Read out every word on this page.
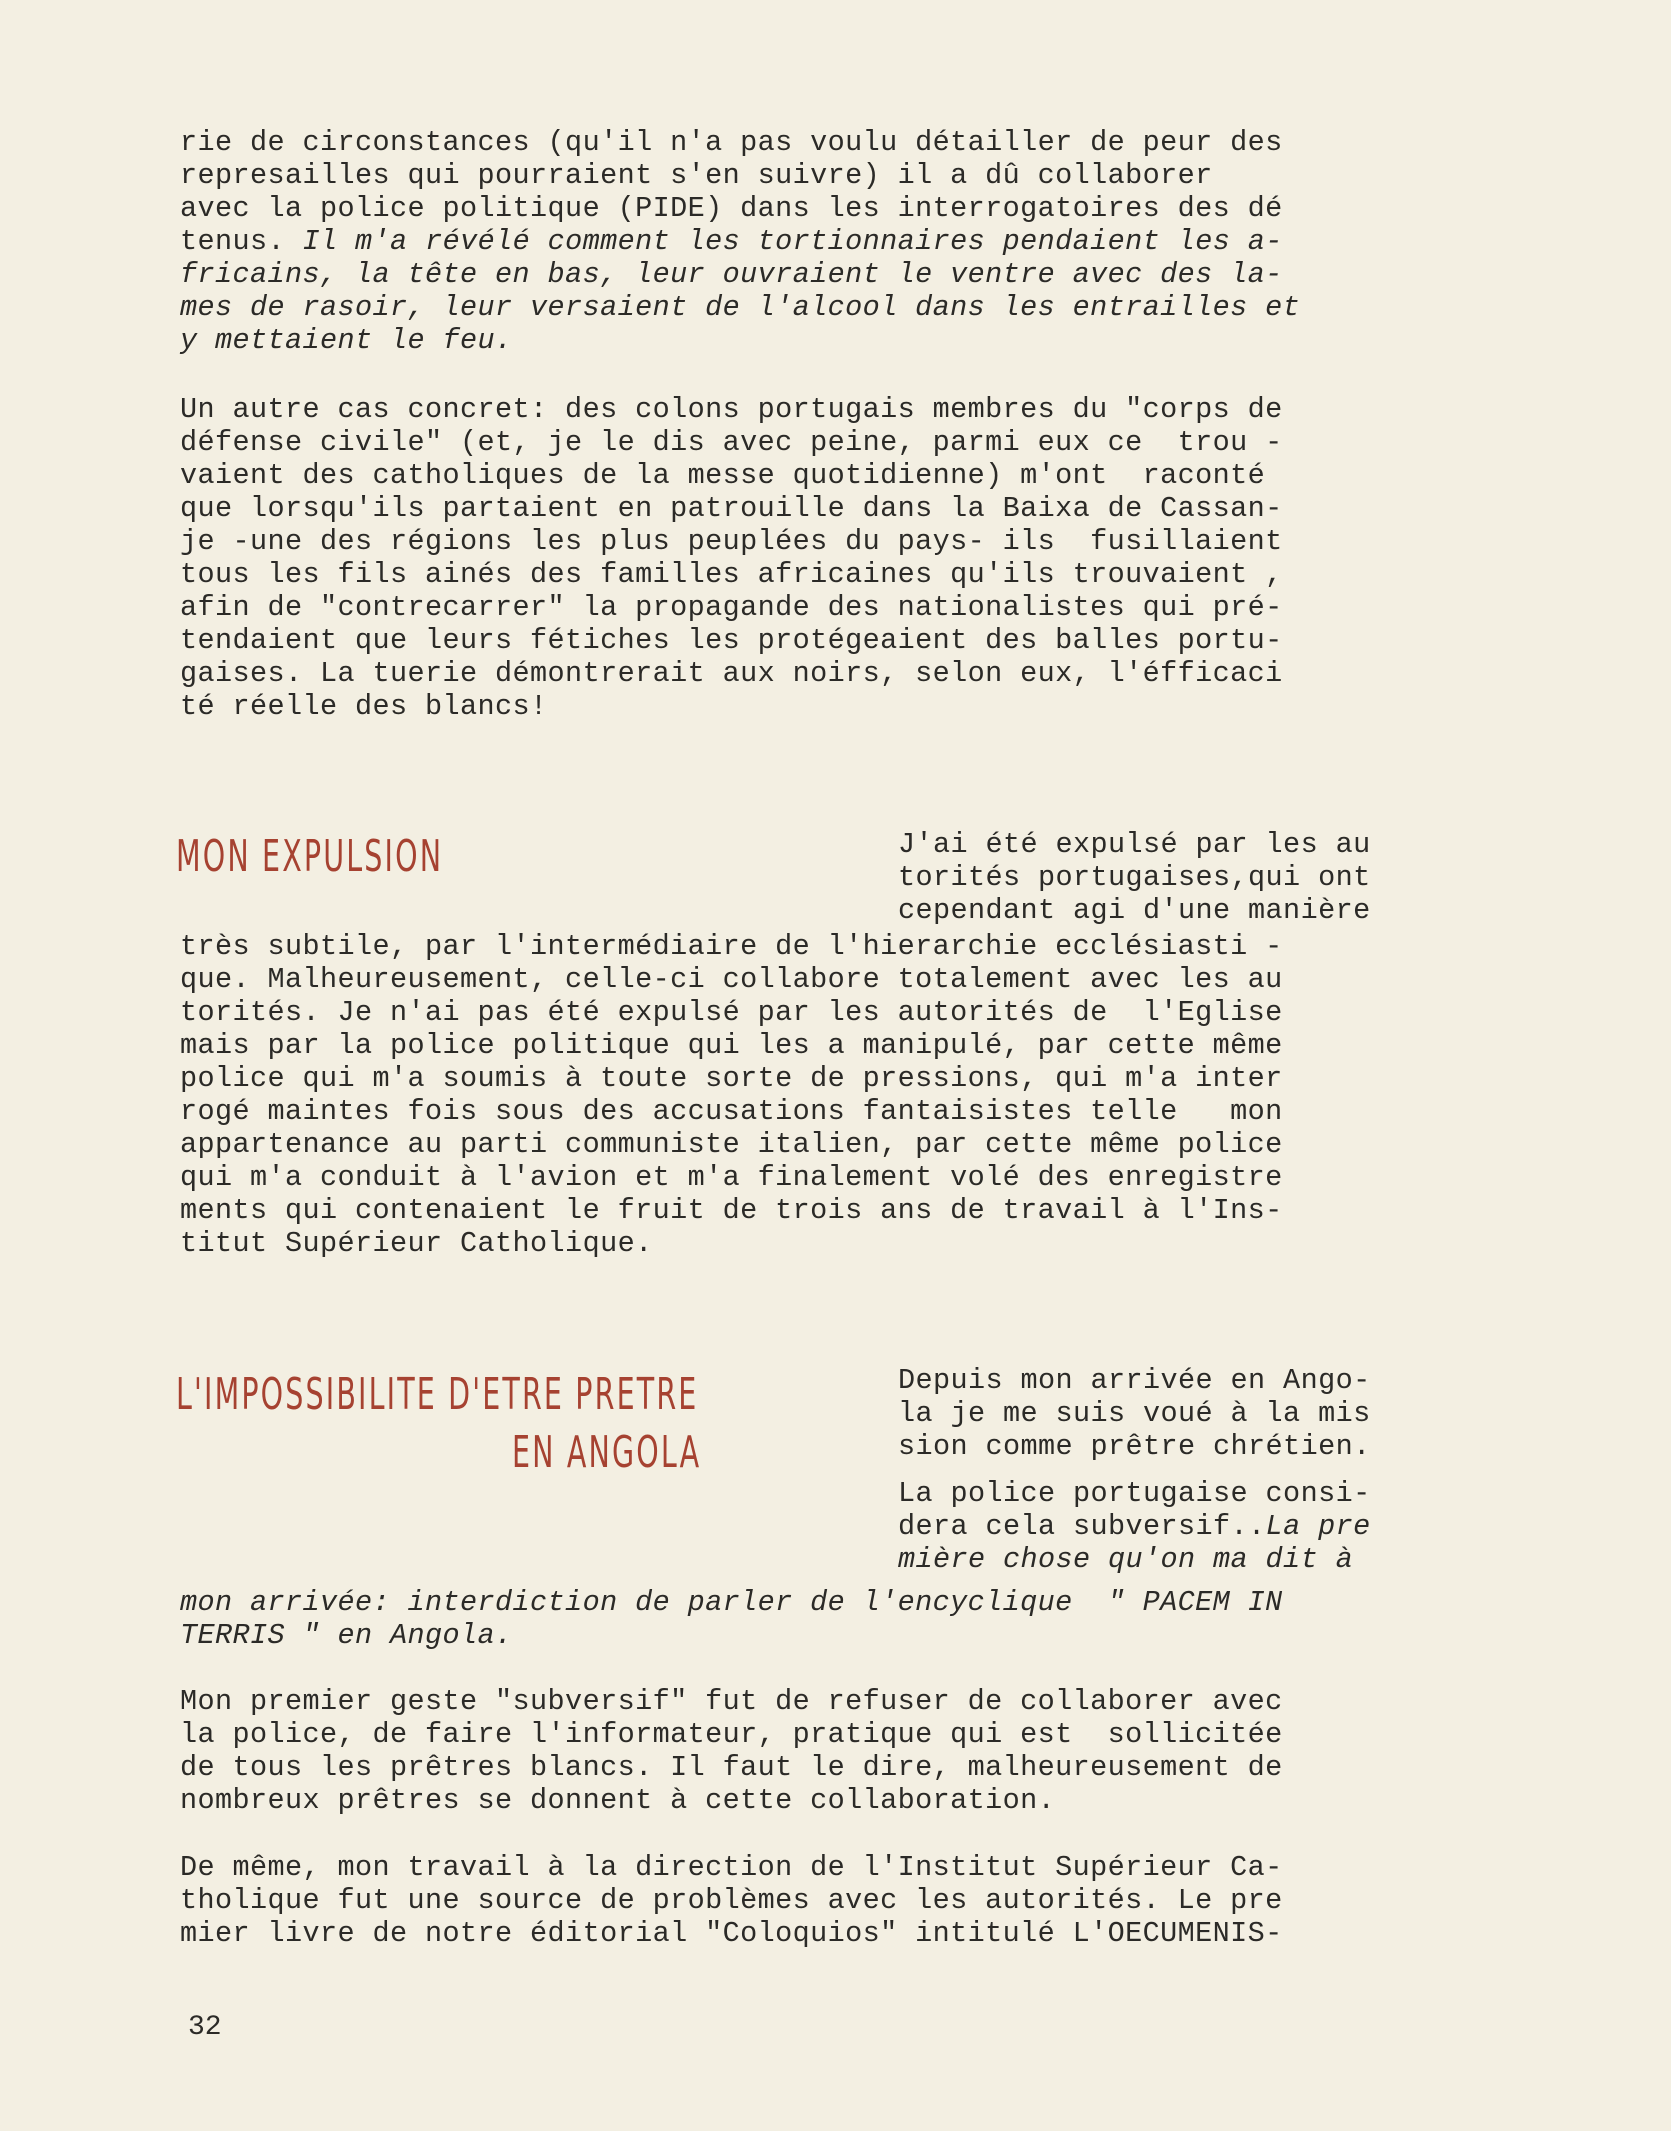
rie de circonstances (qu'il n'a pas voulu détailler de peur des
represailles qui pourraient s'en suivre) il a dû collaborer
avec la police politique (PIDE) dans les interrogatoires des dé
tenus. Il m'a révélé comment les tortionnaires pendaient les a-
fricains, la tête en bas, leur ouvraient le ventre avec des la-
mes de rasoir, leur versaient de l'alcool dans les entrailles et
y mettaient le feu.
Un autre cas concret: des colons portugais membres du "corps de
défense civile" (et, je le dis avec peine, parmi eux ce  trou -
vaient des catholiques de la messe quotidienne) m'ont  raconté
que lorsqu'ils partaient en patrouille dans la Baixa de Cassan-
je -une des régions les plus peuplées du pays- ils  fusillaient
tous les fils ainés des familles africaines qu'ils trouvaient ,
afin de "contrecarrer" la propagande des nationalistes qui pré-
tendaient que leurs fétiches les protégeaient des balles portu-
gaises. La tuerie démontrerait aux noirs, selon eux, l'éfficaci
té réelle des blancs!
MON EXPULSION	J'ai été expulsé par les au
torités portugaises,qui ont
cependant agi d'une manière
très subtile, par l'intermédiaire de l'hierarchie ecclésiasti -
que. Malheureusement, celle-ci collabore totalement avec les au
torités. Je n'ai pas été expulsé par les autorités de  l'Eglise
mais par la police politique qui les a manipulé, par cette même
police qui m'a soumis à toute sorte de pressions, qui m'a inter
rogé maintes fois sous des accusations fantaisistes telle   mon
appartenance au parti communiste italien, par cette même police
qui m'a conduit à l'avion et m'a finalement volé des enregistre
ments qui contenaient le fruit de trois ans de travail à l'Ins-
titut Supérieur Catholique.
L'IMPOSSIBILITE D'ETRE PRETRE
EN ANGOLA
Depuis mon arrivée en Ango-
la je me suis voué à la mis
sion comme prêtre chrétien.
La police portugaise consi-
dera cela subversif..La pre
mière chose qu'on ma dit à
mon arrivée: interdiction de parler de l'encyclique  " PACEM IN
TERRIS " en Angola.
Mon premier geste "subversif" fut de refuser de collaborer avec
la police, de faire l'informateur, pratique qui est  sollicitée
de tous les prêtres blancs. Il faut le dire, malheureusement de
nombreux prêtres se donnent à cette collaboration.
De même, mon travail à la direction de l'Institut Supérieur Ca-
tholique fut une source de problèmes avec les autorités. Le pre
mier livre de notre éditorial "Coloquios" intitulé L'OECUMENIS-
32
